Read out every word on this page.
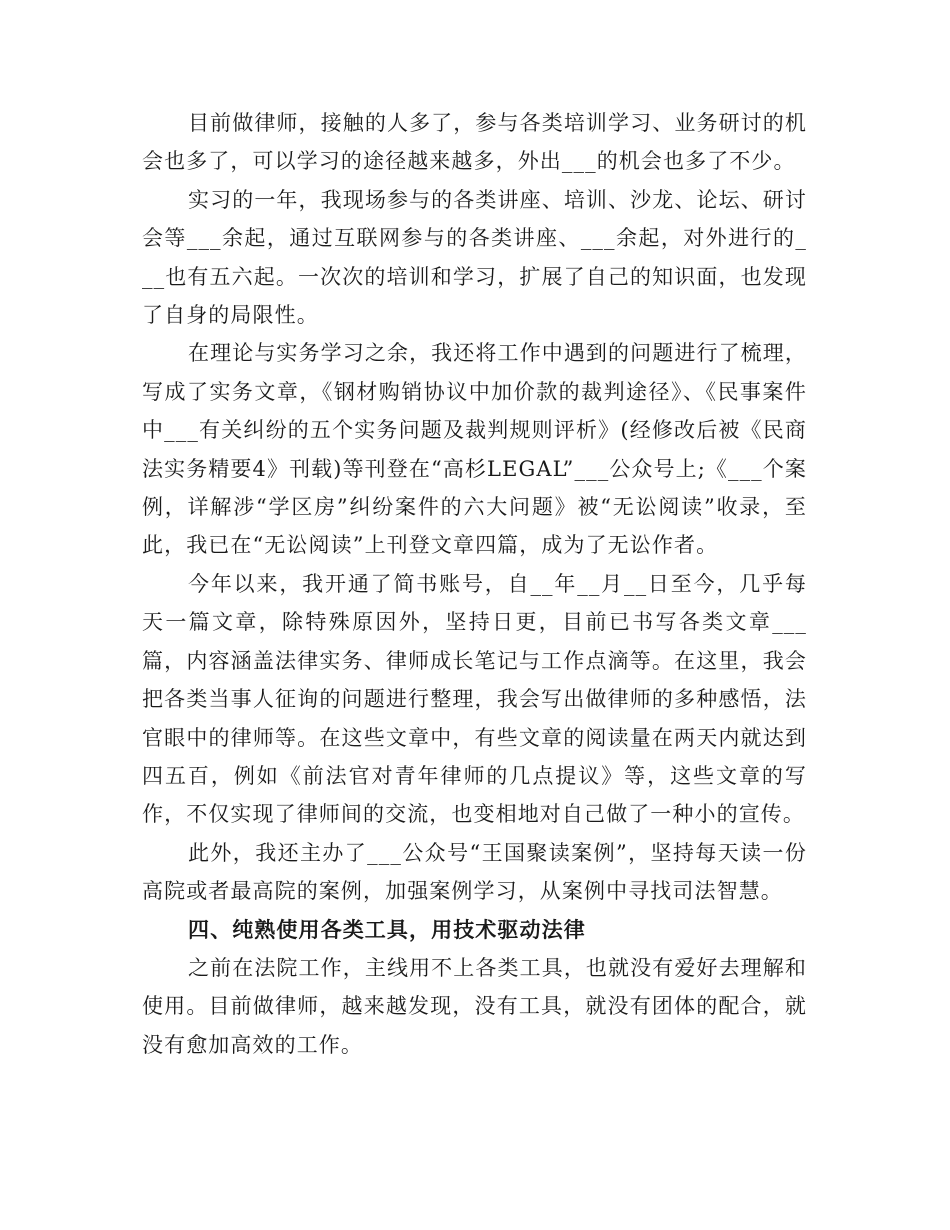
目前做律师，接触的人多了，参与各类培训学习、业务研讨的机会也多了，可以学习的途径越来越多，外出___的机会也多了不少。

实习的一年，我现场参与的各类讲座、培训、沙龙、论坛、研讨会等___余起，通过互联网参与的各类讲座、___余起，对外进行的___也有五六起。一次次的培训和学习，扩展了自己的知识面，也发现了自身的局限性。

在理论与实务学习之余，我还将工作中遇到的问题进行了梳理，写成了实务文章，《钢材购销协议中加价款的裁判途径》、《民事案件中___有关纠纷的五个实务问题及裁判规则评析》(经修改后被《民商法实务精要4》刊载)等刊登在“高杉LEGAL”___公众号上;《___个案例，详解涉“学区房”纠纷案件的六大问题》被“无讼阅读”收录，至此，我已在“无讼阅读”上刊登文章四篇，成为了无讼作者。

今年以来，我开通了简书账号，自__年__月__日至今，几乎每天一篇文章，除特殊原因外，坚持日更，目前已书写各类文章___篇，内容涵盖法律实务、律师成长笔记与工作点滴等。在这里，我会把各类当事人征询的问题进行整理，我会写出做律师的多种感悟，法官眼中的律师等。在这些文章中，有些文章的阅读量在两天内就达到四五百，例如《前法官对青年律师的几点提议》等，这些文章的写作，不仅实现了律师间的交流，也变相地对自己做了一种小的宣传。

此外，我还主办了___公众号“王国聚读案例”，坚持每天读一份高院或者最高院的案例，加强案例学习，从案例中寻找司法智慧。

四、纯熟使用各类工具，用技术驱动法律

之前在法院工作，主线用不上各类工具，也就没有爱好去理解和使用。目前做律师，越来越发现，没有工具，就没有团体的配合，就没有愈加高效的工作。
